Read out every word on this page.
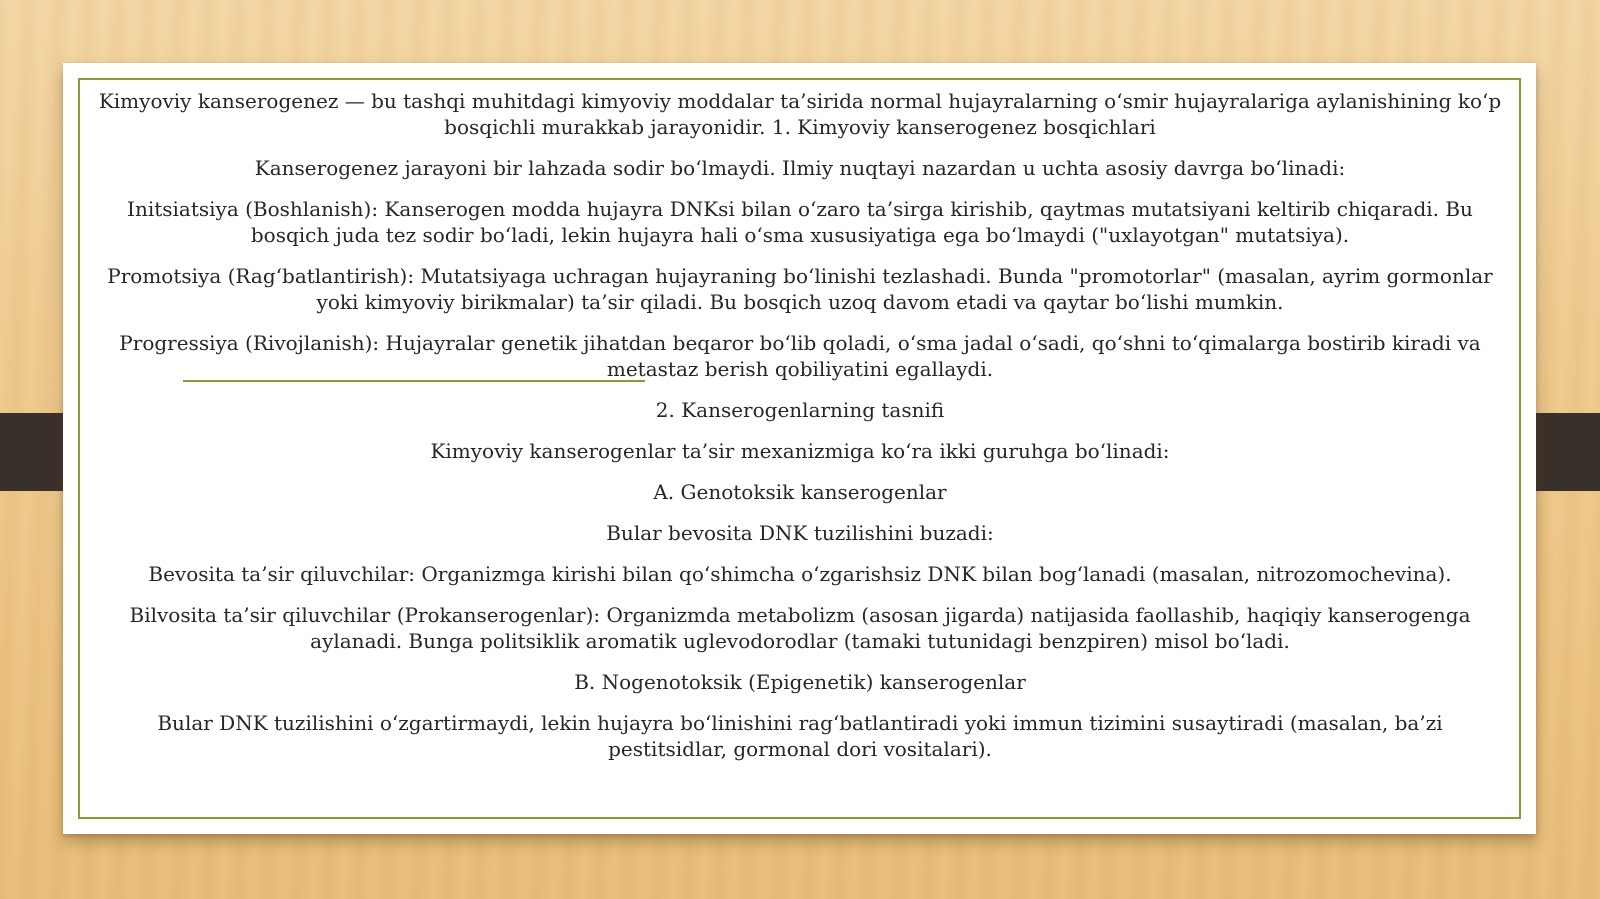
Kimyoviy kanserogenez — bu tashqi muhitdagi kimyoviy moddalar ta’sirida normal hujayralarning o‘smir hujayralariga aylanishining ko‘p bosqichli murakkab jarayonidir. 1. Kimyoviy kanserogenez bosqichlari

Kanserogenez jarayoni bir lahzada sodir bo‘lmaydi. Ilmiy nuqtayi nazardan u uchta asosiy davrga bo‘linadi:

Initsiatsiya (Boshlanish): Kanserogen modda hujayra DNKsi bilan o‘zaro ta’sirga kirishib, qaytmas mutatsiyani keltirib chiqaradi. Bu bosqich juda tez sodir bo‘ladi, lekin hujayra hali o‘sma xususiyatiga ega bo‘lmaydi ("uxlayotgan" mutatsiya).

Promotsiya (Rag‘batlantirish): Mutatsiyaga uchragan hujayraning bo‘linishi tezlashadi. Bunda "promotorlar" (masalan, ayrim gormonlar yoki kimyoviy birikmalar) ta’sir qiladi. Bu bosqich uzoq davom etadi va qaytar bo‘lishi mumkin.

Progressiya (Rivojlanish): Hujayralar genetik jihatdan beqaror bo‘lib qoladi, o‘sma jadal o‘sadi, qo‘shni to‘qimalarga bostirib kiradi va metastaz berish qobiliyatini egallaydi.

2. Kanserogenlarning tasnifi

Kimyoviy kanserogenlar ta’sir mexanizmiga ko‘ra ikki guruhga bo‘linadi:

A. Genotoksik kanserogenlar

Bular bevosita DNK tuzilishini buzadi:

Bevosita ta’sir qiluvchilar: Organizmga kirishi bilan qo‘shimcha o‘zgarishsiz DNK bilan bog‘lanadi (masalan, nitrozomochevina).

Bilvosita ta’sir qiluvchilar (Prokanserogenlar): Organizmda metabolizm (asosan jigarda) natijasida faollashib, haqiqiy kanserogenga aylanadi. Bunga politsiklik aromatik uglevodorodlar (tamaki tutunidagi benzpiren) misol bo‘ladi.

B. Nogenotoksik (Epigenetik) kanserogenlar

Bular DNK tuzilishini o‘zgartirmaydi, lekin hujayra bo‘linishini rag‘batlantiradi yoki immun tizimini susaytiradi (masalan, ba’zi pestitsidlar, gormonal dori vositalari).
